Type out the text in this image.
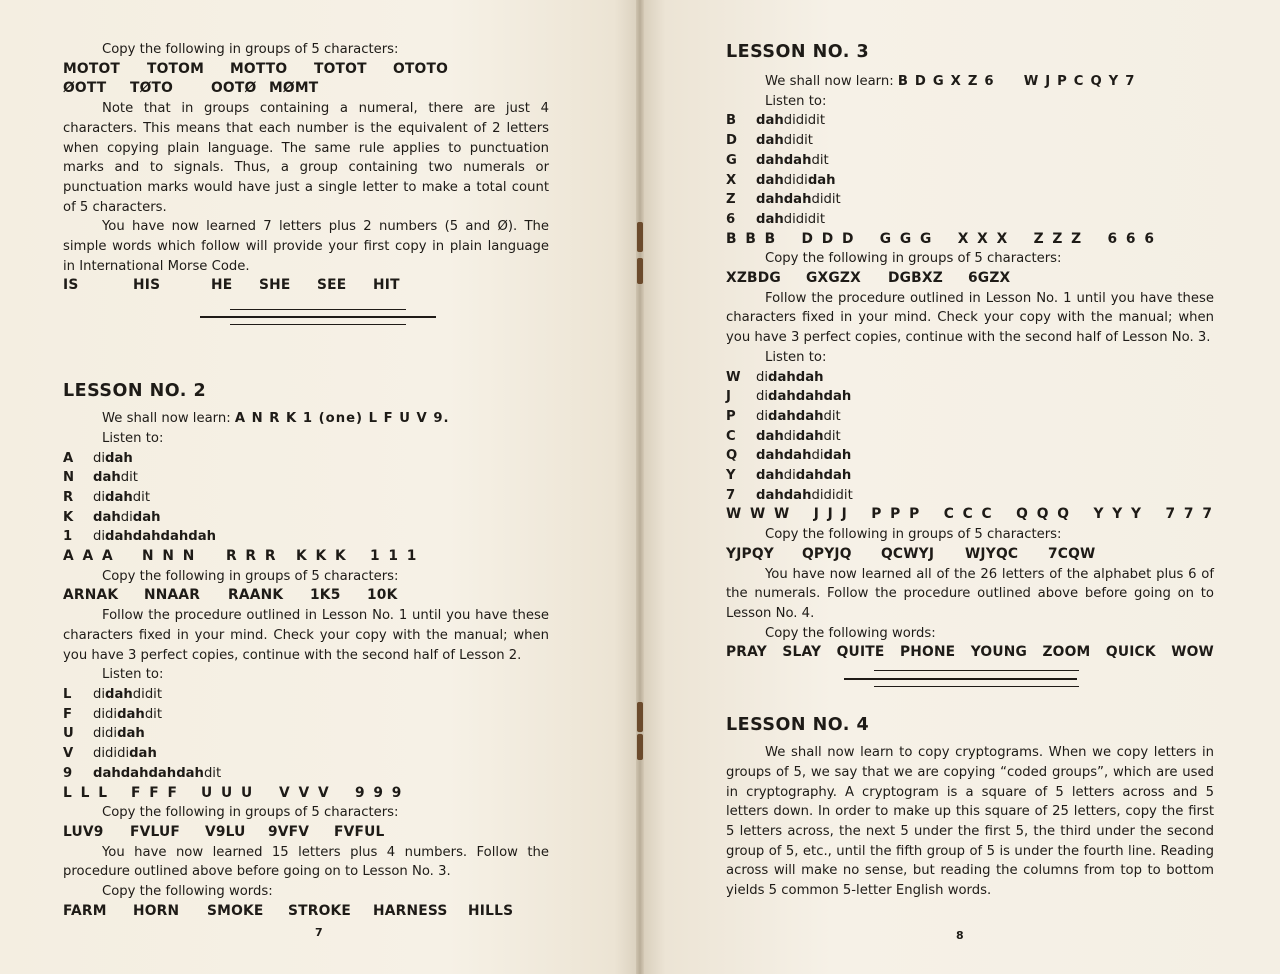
Copy the following in groups of 5 characters:

MOTOT	TOTOM	MOTTO	TOTOT	OTOTO
ØOTT	TØTO	OOTØ MØMT

Note that in groups containing a numeral, there are just 4 characters. This means that each number is the equivalent of 2 letters when copying plain language. The same rule applies to punctuation marks and to signals. Thus, a group containing two numerals or punctuation marks would have just a single letter to make a total count of 5 characters.

You have now learned 7 letters plus 2 numbers (5 and Ø). The simple words which follow will provide your first copy in plain language in International Morse Code.

IS	HIS	HE	SHE	SEE	HIT
LESSON NO. 2

We shall now learn: A N R K 1 (one) L F U V 9.

Listen to:

A	didah
N	dahdit
R	didahdit
K	dahdidah
1	didahdahdahdah
A A A	N N N	R R R	K K K	1 1 1

Copy the following in groups of 5 characters:

ARNAK	NNAAR	RAANK	1K5	10K

Follow the procedure outlined in Lesson No. 1 until you have these characters fixed in your mind. Check your copy with the manual; when you have 3 perfect copies, continue with the second half of Lesson 2.

Listen to:

L	didahdidit
F	dididahdit
U	dididah
V	didididah
9	dahdahdahdahdit
L L L	F F F	U U U	V V V	9 9 9

Copy the following in groups of 5 characters:

LUV9	FVLUF	V9LU	9VFV	FVFUL

You have now learned 15 letters plus 4 numbers. Follow the procedure outlined above before going on to Lesson No. 3.

Copy the following words:

FARM	HORN	SMOKE	STROKE	HARNESS	HILLS
7
LESSON NO. 3

We shall now learn: B D G X Z 6     W J P C Q Y 7

Listen to:

B	dahdididit
D	dahdidit
G	dahdahdit
X	dahdididah
Z	dahdahdidit
6	dahdididit
B B B D D D G G G X X X Z Z Z 6 6 6

Copy the following in groups of 5 characters:

XZBDG	GXGZX	DGBXZ	6GZX

Follow the procedure outlined in Lesson No. 1 until you have these characters fixed in your mind. Check your copy with the manual; when you have 3 perfect copies, continue with the second half of Lesson No. 3.

Listen to:

W	didahdah
J	didahdahdah
P	didahdahdit
C	dahdidahdit
Q	dahdahdidah
Y	dahdidahdah
7	dahdahdididit
W W W J J J P P P C C C Q Q Q Y Y Y 7 7 7

Copy the following in groups of 5 characters:

YJPQY	QPYJQ	QCWYJ	WJYQC	7CQW

You have now learned all of the 26 letters of the alphabet plus 6 of the numerals. Follow the procedure outlined above before going on to Lesson No. 4.

Copy the following words:

PRAY SLAY QUITE PHONE YOUNG ZOOM QUICK WOW
LESSON NO. 4

We shall now learn to copy cryptograms. When we copy letters in groups of 5, we say that we are copying “coded groups”, which are used in cryptography. A cryptogram is a square of 5 letters across and 5 letters down. In order to make up this square of 25 letters, copy the first 5 letters across, the next 5 under the first 5, the third under the second group of 5, etc., until the fifth group of 5 is under the fourth line. Reading across will make no sense, but reading the columns from top to bottom yields 5 common 5-letter English words.

8
